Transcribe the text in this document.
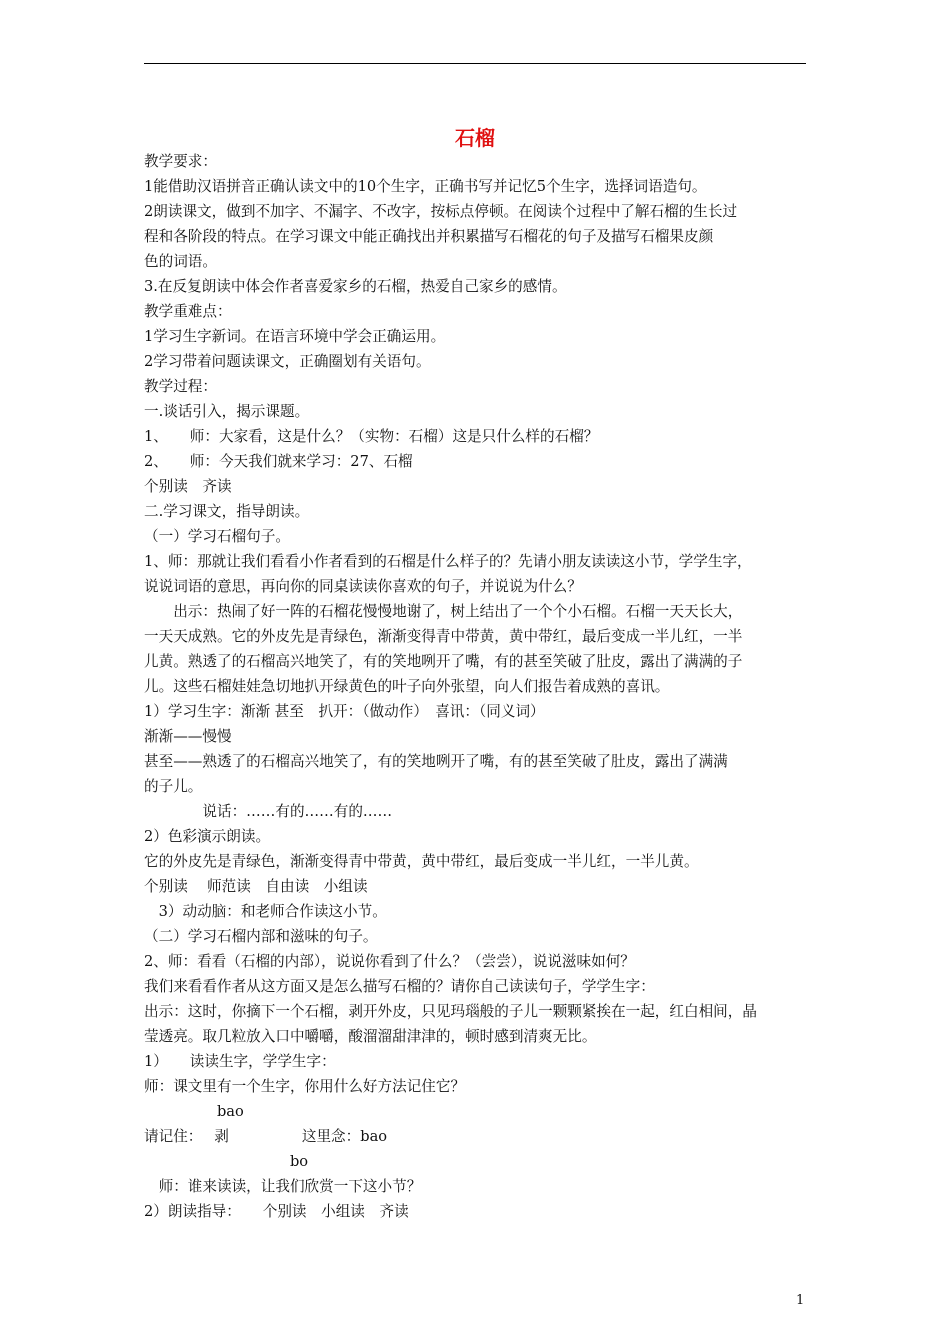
石榴
教学要求：
1能借助汉语拼音正确认读文中的10个生字，正确书写并记忆5个生字，选择词语造句。
2朗读课文，做到不加字、不漏字、不改字，按标点停顿。在阅读个过程中了解石榴的生长过
程和各阶段的特点。在学习课文中能正确找出并积累描写石榴花的句子及描写石榴果皮颜
色的词语。
3.在反复朗读中体会作者喜爱家乡的石榴，热爱自己家乡的感情。
教学重难点：
1学习生字新词。在语言环境中学会正确运用。
2学习带着问题读课文，正确圈划有关语句。
教学过程：
一.谈话引入，揭示课题。
1、　　师：大家看，这是什么？（实物：石榴）这是只什么样的石榴？
2、　　师：今天我们就来学习：27、石榴
个别读　齐读
二.学习课文，指导朗读。
（一）学习石榴句子。
1、师：那就让我们看看小作者看到的石榴是什么样子的？先请小朋友读读这小节，学学生字，
说说词语的意思，再向你的同桌读读你喜欢的句子，并说说为什么？
　　出示：热闹了好一阵的石榴花慢慢地谢了，树上结出了一个个小石榴。石榴一天天长大，
一天天成熟。它的外皮先是青绿色，渐渐变得青中带黄，黄中带红，最后变成一半儿红，一半
儿黄。熟透了的石榴高兴地笑了，有的笑地咧开了嘴，有的甚至笑破了肚皮，露出了满满的子
儿。这些石榴娃娃急切地扒开绿黄色的叶子向外张望，向人们报告着成熟的喜讯。
1）学习生字：渐渐 甚至　扒开：（做动作）　喜讯：（同义词）
渐渐——慢慢
甚至——熟透了的石榴高兴地笑了，有的笑地咧开了嘴，有的甚至笑破了肚皮，露出了满满
的子儿。
　　　　说话：……有的……有的……
2）色彩演示朗读。
它的外皮先是青绿色，渐渐变得青中带黄，黄中带红，最后变成一半儿红，一半儿黄。
个别读　 师范读　自由读　小组读
　3）动动脑：和老师合作读这小节。
（二）学习石榴内部和滋味的句子。
2、师：看看（石榴的内部），说说你看到了什么？（尝尝），说说滋味如何？
我们来看看作者从这方面又是怎么描写石榴的？请你自己读读句子，学学生字：
出示：这时，你摘下一个石榴，剥开外皮，只见玛瑙般的子儿一颗颗紧挨在一起，红白相间，晶
莹透亮。取几粒放入口中嚼嚼，酸溜溜甜津津的，顿时感到清爽无比。
1）　　读读生字，学学生字：
师：课文里有一个生字，你用什么好方法记住它？
　　　　　bao
请记住：　 剥　　　　　这里念：bao
　　　　　　　　　　bo
　师：谁来读读，让我们欣赏一下这小节？
2）朗读指导：　　个别读　小组读　齐读
1
